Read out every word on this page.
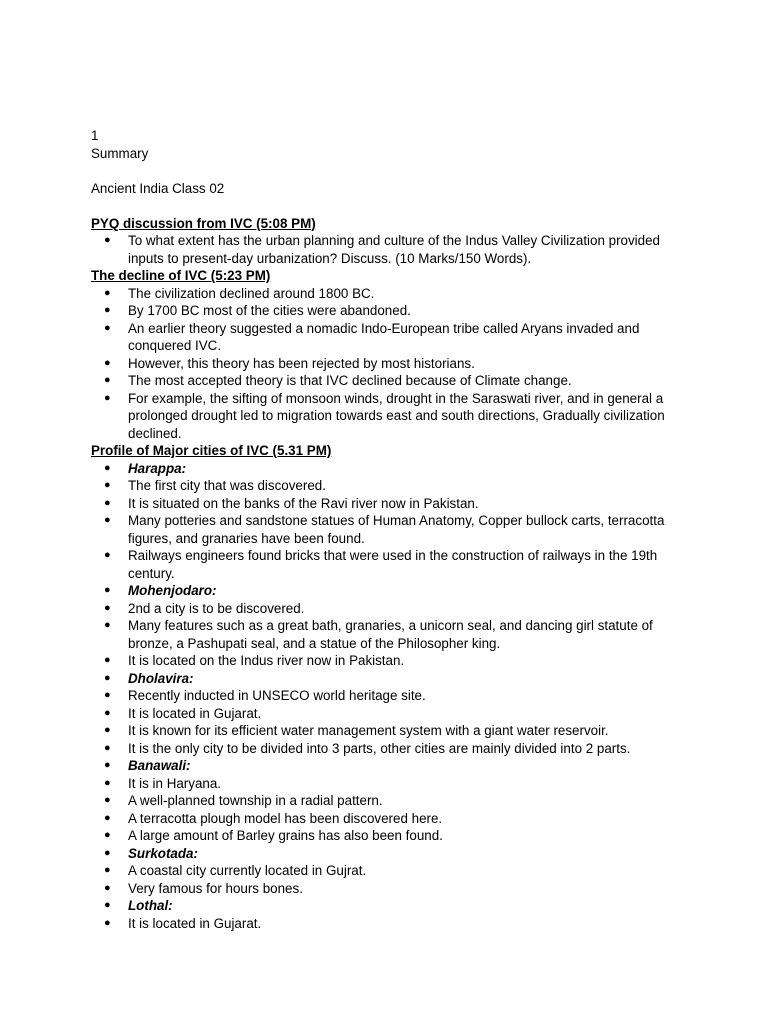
1
Summary
Ancient India Class 02
PYQ discussion from IVC (5:08 PM)
● To what extent has the urban planning and culture of the Indus Valley Civilization provided inputs to present-day urbanization? Discuss. (10 Marks/150 Words).
The decline of IVC (5:23 PM)
● The civilization declined around 1800 BC.
● By 1700 BC most of the cities were abandoned.
● An earlier theory suggested a nomadic Indo-European tribe called Aryans invaded and conquered IVC.
● However, this theory has been rejected by most historians.
● The most accepted theory is that IVC declined because of Climate change.
● For example, the sifting of monsoon winds, drought in the Saraswati river, and in general a prolonged drought led to migration towards east and south directions, Gradually civilization declined.
Profile of Major cities of IVC (5.31 PM)
● Harappa:
● The first city that was discovered.
● It is situated on the banks of the Ravi river now in Pakistan.
● Many potteries and sandstone statues of Human Anatomy, Copper bullock carts, terracotta figures, and granaries have been found.
● Railways engineers found bricks that were used in the construction of railways in the 19th century.
● Mohenjodaro:
● 2nd a city is to be discovered.
● Many features such as a great bath, granaries, a unicorn seal, and dancing girl statute of bronze, a Pashupati seal, and a statue of the Philosopher king.
● It is located on the Indus river now in Pakistan.
● Dholavira:
● Recently inducted in UNSECO world heritage site.
● It is located in Gujarat.
● It is known for its efficient water management system with a giant water reservoir.
● It is the only city to be divided into 3 parts, other cities are mainly divided into 2 parts.
● Banawali:
● It is in Haryana.
● A well-planned township in a radial pattern.
● A terracotta plough model has been discovered here.
● A large amount of Barley grains has also been found.
● Surkotada:
● A coastal city currently located in Gujrat.
● Very famous for hours bones.
● Lothal:
● It is located in Gujarat.
